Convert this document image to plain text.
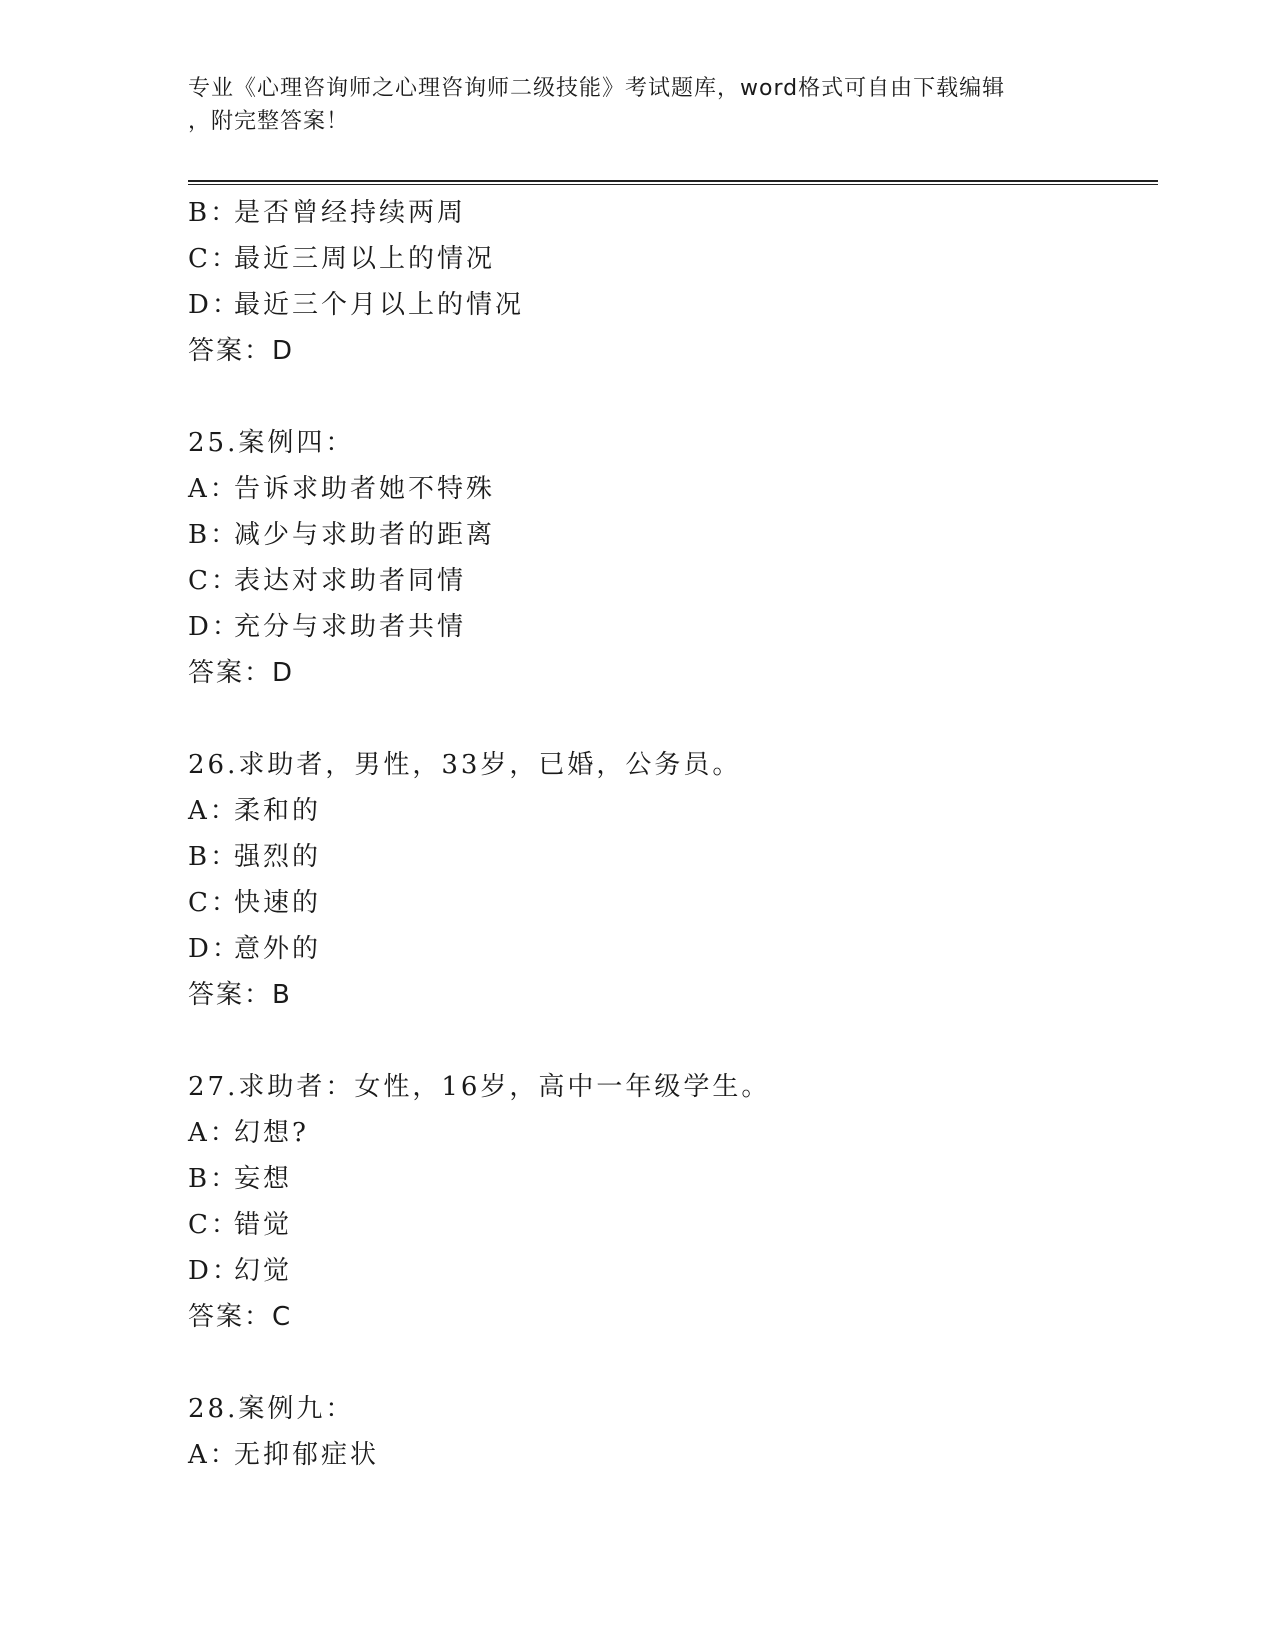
专业《心理咨询师之心理咨询师二级技能》考试题库，word格式可自由下载编辑
，附完整答案！
B：是否曾经持续两周
C：最近三周以上的情况
D：最近三个月以上的情况
答案：D
25.案例四：
A：告诉求助者她不特殊
B：减少与求助者的距离
C：表达对求助者同情
D：充分与求助者共情
答案：D
26.求助者，男性，33岁，已婚，公务员。
A：柔和的
B：强烈的
C：快速的
D：意外的
答案：B
27.求助者：女性，16岁，高中一年级学生。
A：幻想?
B：妄想
C：错觉
D：幻觉
答案：C
28.案例九：
A：无抑郁症状
